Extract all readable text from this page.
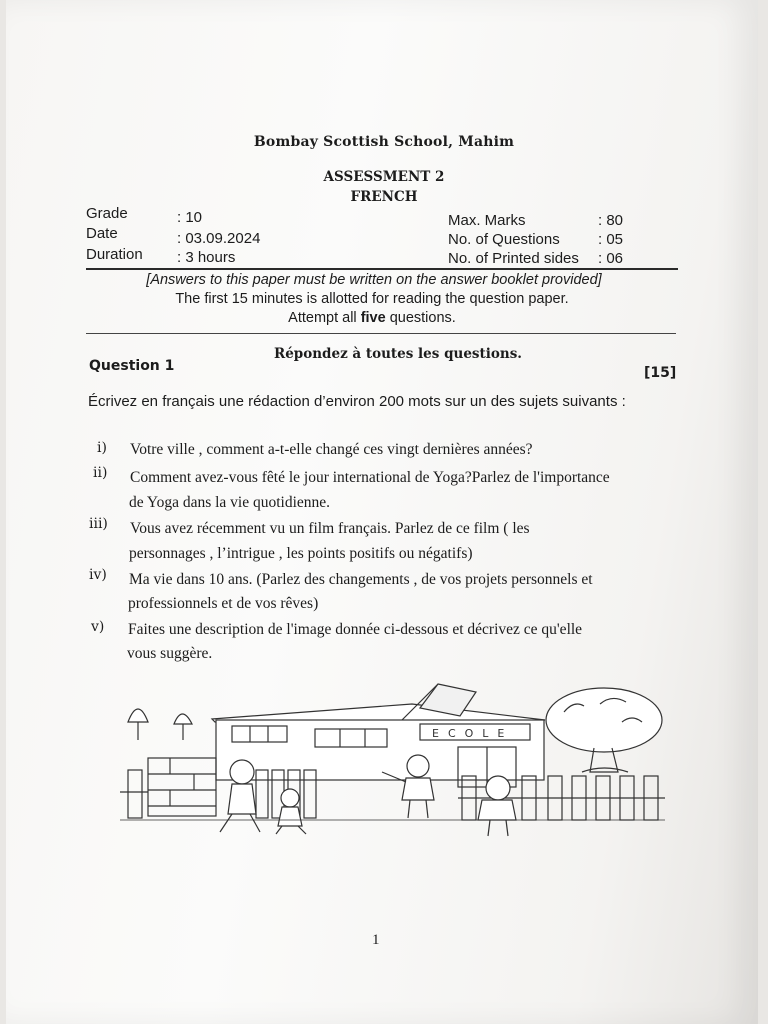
Bombay Scottish School, Mahim
ASSESSMENT 2
FRENCH
Grade	: 10
Date	: 03.09.2024
Duration : 3 hours
Max. Marks	: 80
No. of Questions	: 05
No. of Printed sides : 06
[Answers to this paper must be written on the answer booklet provided]
The first 15 minutes is allotted for reading the question paper.
Attempt all five questions.
Répondez à toutes les questions.
Question 1	[15]
Écrivez en français une rédaction d’environ 200 mots sur un des sujets suivants :
i) Votre ville , comment a-t-elle changé ces vingt dernières années?
ii) Comment avez-vous fêté le jour international de Yoga?Parlez de l'importance
de Yoga dans la vie quotidienne.
iii) Vous avez récemment vu un film français. Parlez de ce film ( les
personnages , l’intrigue , les points positifs ou négatifs)
iv) Ma vie dans 10 ans. (Parlez des changements , de vos projets personnels et
professionnels et de vos rêves)
v) Faites une description de l'image donnée ci-dessous et décrivez ce qu'elle
vous suggère.
ECOLE
1
